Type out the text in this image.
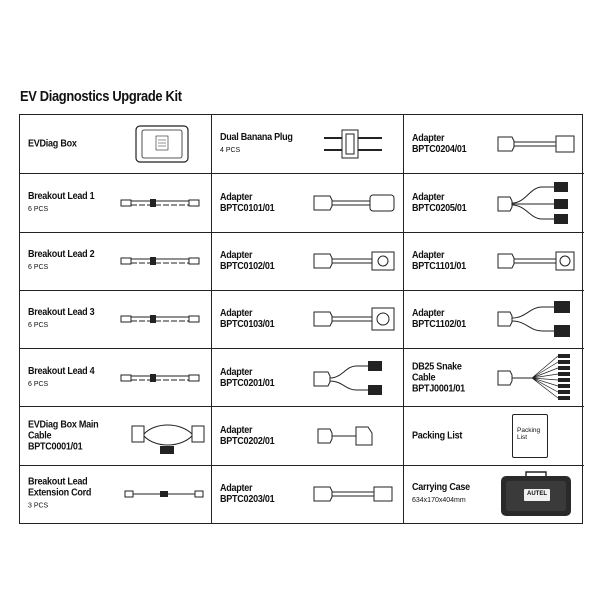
EV Diagnostics Upgrade Kit
EVDiag Box
Breakout Lead 1
6 PCS
Breakout Lead 2
6 PCS
Breakout Lead 3
6 PCS
Breakout Lead 4
6 PCS
EVDiag Box Main
Cable
BPTC0001/01
Breakout Lead
Extension Cord
3 PCS
Dual Banana Plug
4 PCS
Adapter
BPTC0101/01
Adapter
BPTC0102/01
Adapter
BPTC0103/01
Adapter
BPTC0201/01
Adapter
BPTC0202/01
Adapter
BPTC0203/01
Adapter
BPTC0204/01
Adapter
BPTC0205/01
Adapter
BPTC1101/01
Adapter
BPTC1102/01
DB25 Snake
Cable
BPTJ0001/01
Packing List	Packing
List
Carrying Case
634x170x404mm
AUTEL
